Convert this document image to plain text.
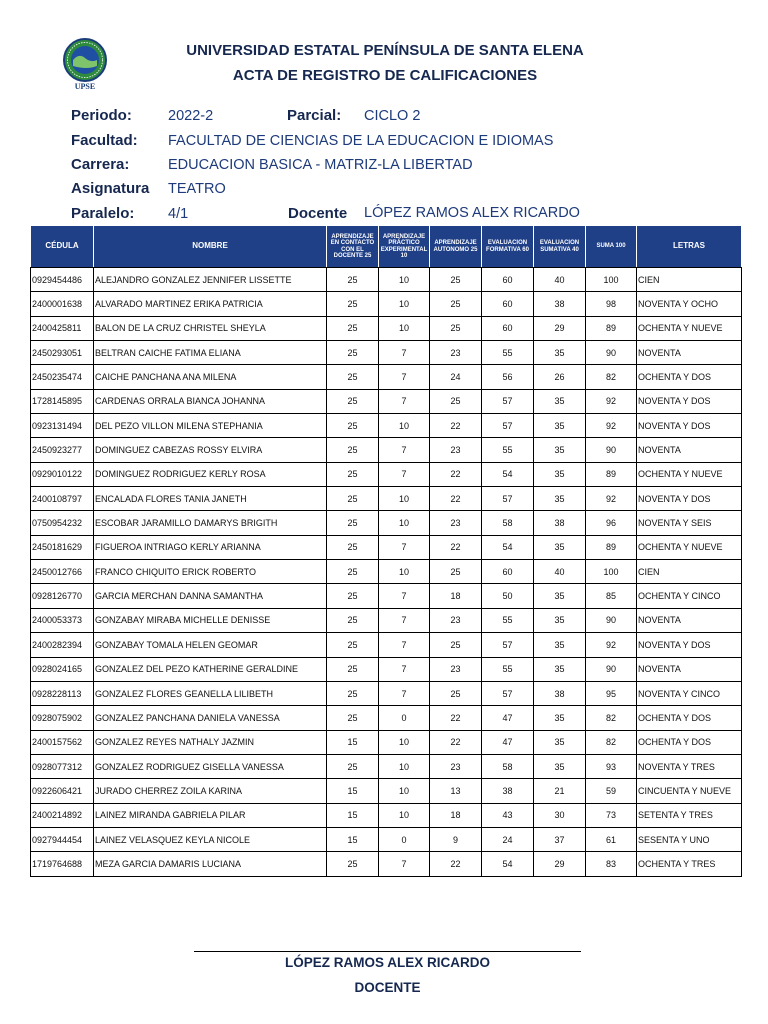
UPSE
UNIVERSIDAD ESTATAL PENÍNSULA DE SANTA ELENA
ACTA DE REGISTRO DE CALIFICACIONES
Periodo: 2022-2	Parcial: CICLO 2
Facultad: FACULTAD DE CIENCIAS DE LA EDUCACION E IDIOMAS
Carrera:	EDUCACION BASICA - MATRIZ-LA LIBERTAD
Asignatura TEATRO
Paralelo: 4/1	Docente LÓPEZ RAMOS ALEX RICARDO
CÉDULA	NOMBRE	APRENDIZAJE EN CONTACTO CON EL DOCENTE 25	APRENDIZAJE PRÁCTICO EXPERIMENTAL 10	APRENDIZAJE AUTONOMO 25	EVALUACION FORMATIVA 60	EVALUACION SUMATIVA 40	SUMA 100	LETRAS
0929454486	ALEJANDRO GONZALEZ JENNIFER LISSETTE	25	10	25	60	40	100	CIEN
2400001638	ALVARADO MARTINEZ ERIKA PATRICIA	25	10	25	60	38	98	NOVENTA Y OCHO
2400425811	BALON DE LA CRUZ CHRISTEL SHEYLA	25	10	25	60	29	89	OCHENTA Y NUEVE
2450293051	BELTRAN CAICHE FATIMA ELIANA	25	7	23	55	35	90	NOVENTA
2450235474	CAICHE PANCHANA ANA MILENA	25	7	24	56	26	82	OCHENTA Y DOS
1728145895	CARDENAS ORRALA BIANCA JOHANNA	25	7	25	57	35	92	NOVENTA Y DOS
0923131494	DEL PEZO VILLON MILENA STEPHANIA	25	10	22	57	35	92	NOVENTA Y DOS
2450923277	DOMINGUEZ CABEZAS ROSSY ELVIRA	25	7	23	55	35	90	NOVENTA
0929010122	DOMINGUEZ RODRIGUEZ KERLY ROSA	25	7	22	54	35	89	OCHENTA Y NUEVE
2400108797	ENCALADA FLORES TANIA JANETH	25	10	22	57	35	92	NOVENTA Y DOS
0750954232	ESCOBAR JARAMILLO DAMARYS BRIGITH	25	10	23	58	38	96	NOVENTA Y SEIS
2450181629	FIGUEROA INTRIAGO KERLY ARIANNA	25	7	22	54	35	89	OCHENTA Y NUEVE
2450012766	FRANCO CHIQUITO ERICK ROBERTO	25	10	25	60	40	100	CIEN
0928126770	GARCIA MERCHAN DANNA SAMANTHA	25	7	18	50	35	85	OCHENTA Y CINCO
2400053373	GONZABAY MIRABA MICHELLE DENISSE	25	7	23	55	35	90	NOVENTA
2400282394	GONZABAY TOMALA HELEN GEOMAR	25	7	25	57	35	92	NOVENTA Y DOS
0928024165	GONZALEZ DEL PEZO KATHERINE GERALDINE	25	7	23	55	35	90	NOVENTA
0928228113	GONZALEZ FLORES GEANELLA LILIBETH	25	7	25	57	38	95	NOVENTA Y CINCO
0928075902	GONZALEZ PANCHANA DANIELA VANESSA	25	0	22	47	35	82	OCHENTA Y DOS
2400157562	GONZALEZ REYES NATHALY JAZMIN	15	10	22	47	35	82	OCHENTA Y DOS
0928077312	GONZALEZ RODRIGUEZ GISELLA VANESSA	25	10	23	58	35	93	NOVENTA Y TRES
0922606421	JURADO CHERREZ ZOILA KARINA	15	10	13	38	21	59	CINCUENTA Y NUEVE
2400214892	LAINEZ MIRANDA GABRIELA PILAR	15	10	18	43	30	73	SETENTA Y TRES
0927944454	LAINEZ VELASQUEZ KEYLA NICOLE	15	0	9	24	37	61	SESENTA Y UNO
1719764688	MEZA GARCIA DAMARIS LUCIANA	25	7	22	54	29	83	OCHENTA Y TRES
LÓPEZ RAMOS ALEX RICARDO
DOCENTE
